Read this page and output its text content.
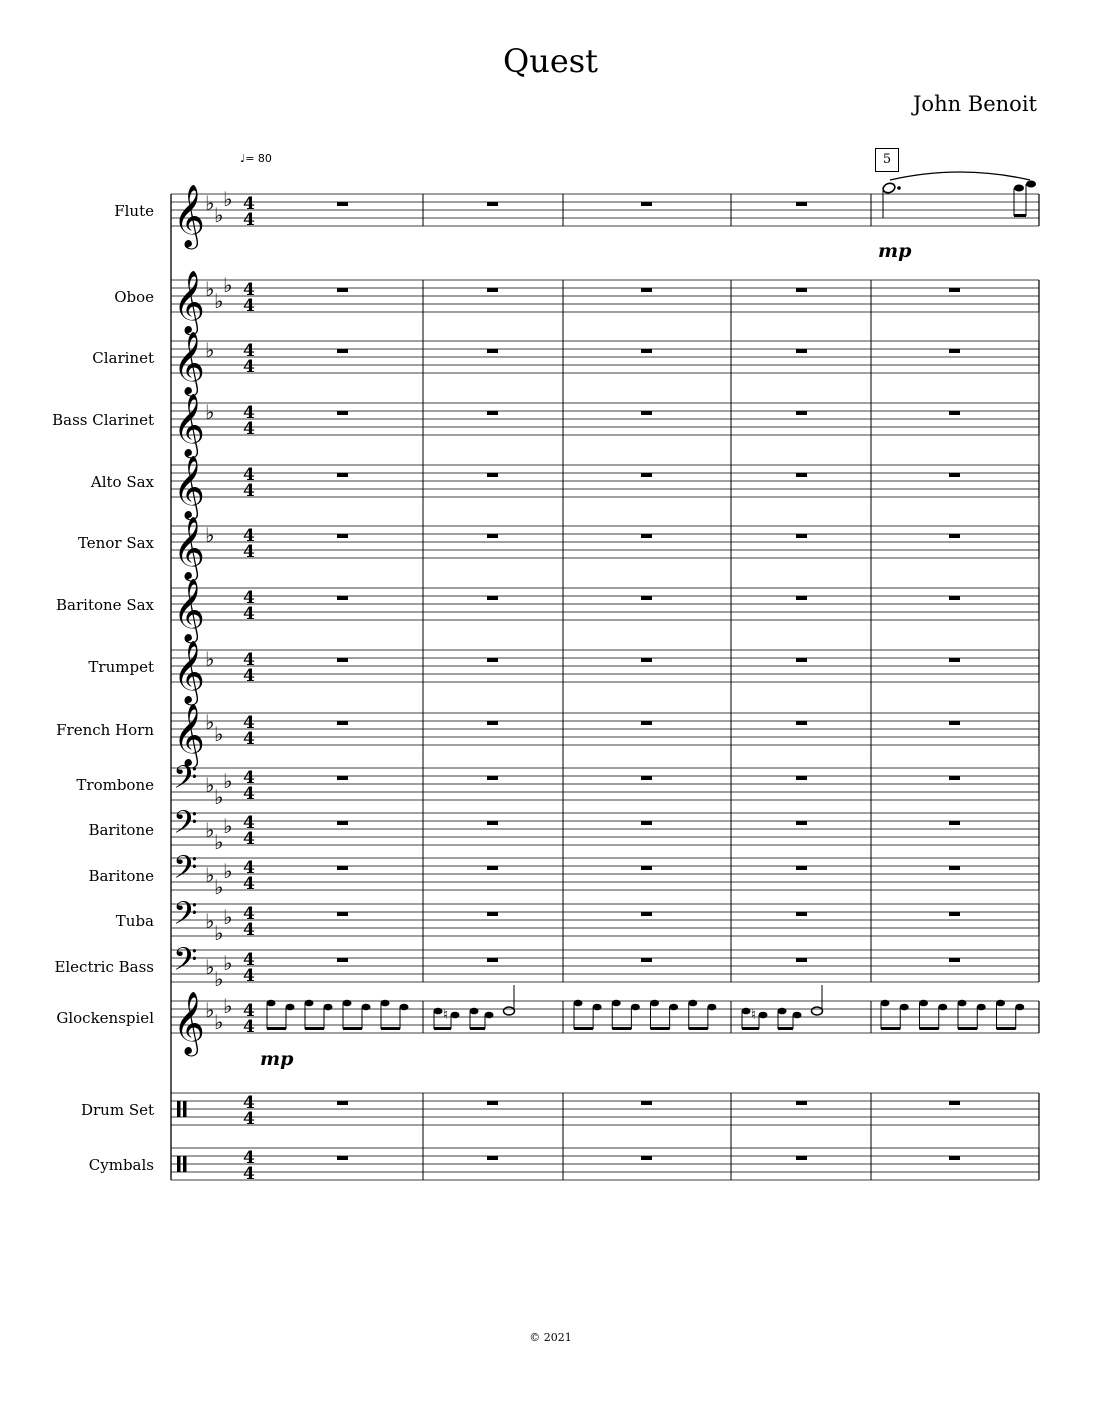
Quest
John Benoit
♩= 80	5
Flute
Oboe
Clarinet
Bass Clarinet
Alto Sax
Tenor Sax
Baritone Sax
Trumpet
French Horn
Trombone
Baritone
Baritone
Tuba
Electric Bass
Glockenspiel
Drum Set
Cymbals
mp
mp
© 2021
𝄞 ♭ ♭
♭ 4
4
𝄞 ♭ ♭
♭ 4
4
𝄞 ♭ 4
4
𝄞 ♭ 4
4
𝄞 4
4
𝄞 ♭ 4
4
𝄞 4
4
𝄞 ♭ 4
4
𝄞 ♭ ♭ 4
4
𝄢 ♭ ♭
♭ 4
4
𝄢 ♭ ♭
♭ 4
4
𝄢 ♭ ♭
♭ 4
4
𝄢 ♭ ♭
♭ 4
4
𝄢 ♭ ♭
♭ 4
4
𝄞 ♭ ♭
♭ 4
4
4
4
4
4
♮	♮
